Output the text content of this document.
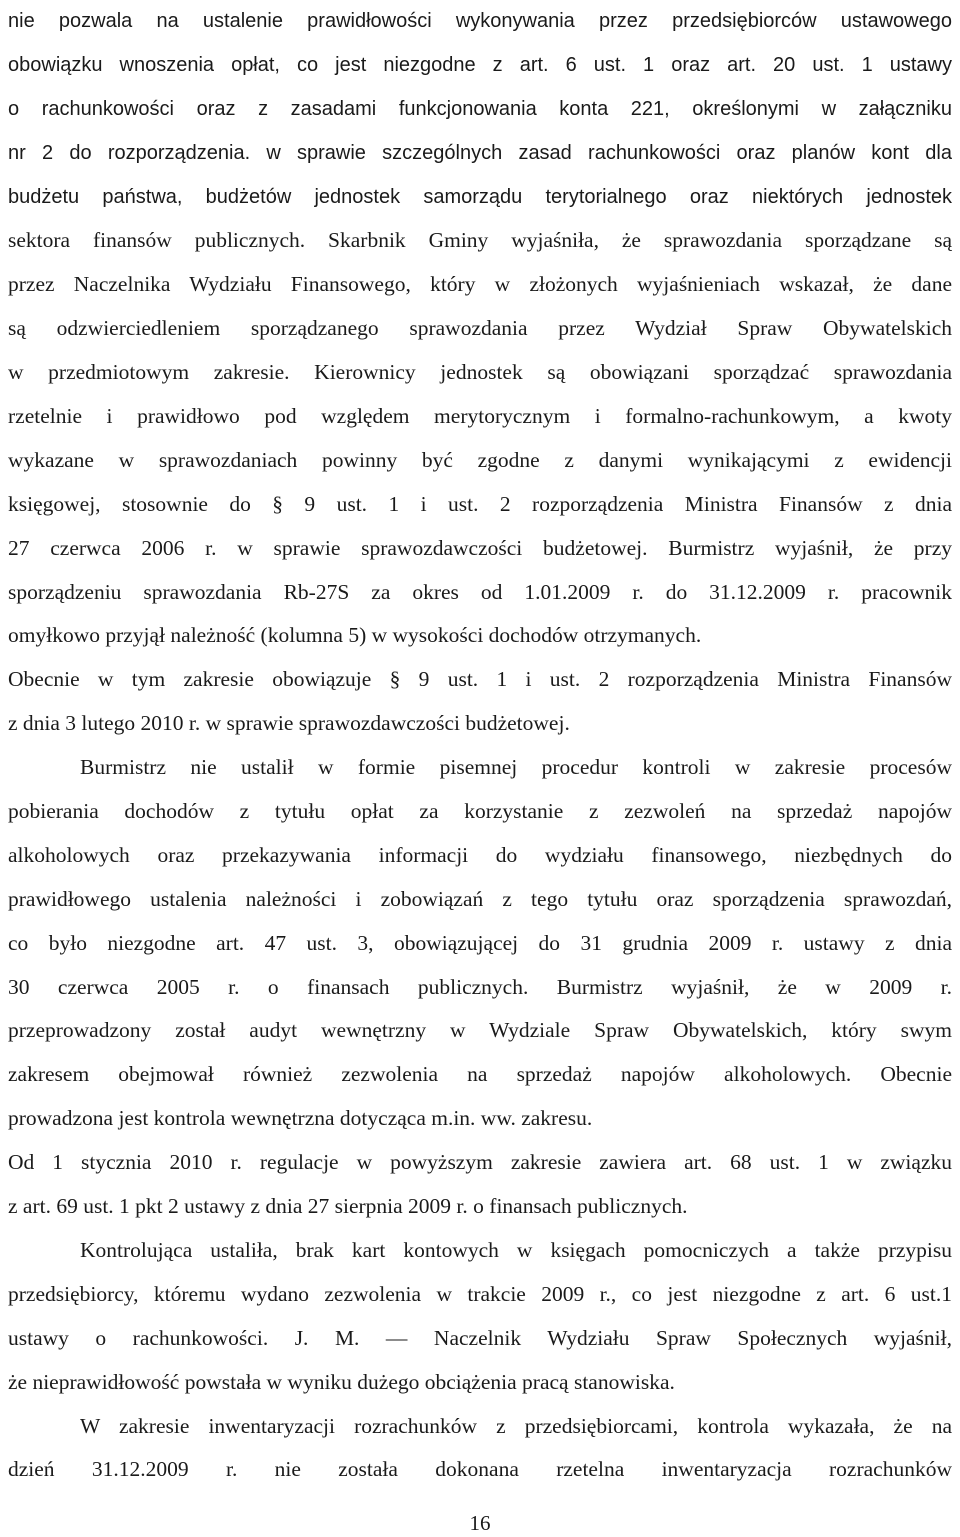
nie pozwala na ustalenie prawidłowości wykonywania przez przedsiębiorców ustawowego
obowiązku wnoszenia opłat, co jest niezgodne z art. 6 ust. 1 oraz art. 20 ust. 1 ustawy
o rachunkowości oraz z zasadami funkcjonowania konta 221, określonymi w załączniku
nr 2 do rozporządzenia. w sprawie szczególnych zasad rachunkowości oraz planów kont dla
budżetu państwa, budżetów jednostek samorządu terytorialnego oraz niektórych jednostek
sektora finansów publicznych. Skarbnik Gminy wyjaśniła, że sprawozdania sporządzane są
przez Naczelnika Wydziału Finansowego, który w złożonych wyjaśnieniach wskazał, że dane
są odzwierciedleniem sporządzanego sprawozdania przez Wydział Spraw Obywatelskich
w przedmiotowym zakresie. Kierownicy jednostek są obowiązani sporządzać sprawozdania
rzetelnie i prawidłowo pod względem merytorycznym i formalno-rachunkowym, a kwoty
wykazane w sprawozdaniach powinny być zgodne z danymi wynikającymi z ewidencji
księgowej, stosownie do § 9 ust. 1 i ust. 2 rozporządzenia Ministra Finansów z dnia
27 czerwca 2006 r. w sprawie sprawozdawczości budżetowej. Burmistrz wyjaśnił, że przy
sporządzeniu sprawozdania Rb-27S za okres od 1.01.2009 r. do 31.12.2009 r. pracownik
omyłkowo przyjął należność (kolumna 5) w wysokości dochodów otrzymanych.
Obecnie w tym zakresie obowiązuje § 9 ust. 1 i ust. 2 rozporządzenia Ministra Finansów
z dnia 3 lutego 2010 r. w sprawie sprawozdawczości budżetowej.
Burmistrz nie ustalił w formie pisemnej procedur kontroli w zakresie procesów
pobierania dochodów z tytułu opłat za korzystanie z zezwoleń na sprzedaż napojów
alkoholowych oraz przekazywania informacji do wydziału finansowego, niezbędnych do
prawidłowego ustalenia należności i zobowiązań z tego tytułu oraz sporządzenia sprawozdań,
co było niezgodne art. 47 ust. 3, obowiązującej do 31 grudnia 2009 r. ustawy z dnia
30 czerwca 2005 r. o finansach publicznych. Burmistrz wyjaśnił, że w 2009 r.
przeprowadzony został audyt wewnętrzny w Wydziale Spraw Obywatelskich, który swym
zakresem obejmował również zezwolenia na sprzedaż napojów alkoholowych. Obecnie
prowadzona jest kontrola wewnętrzna dotycząca m.in. ww. zakresu.
Od 1 stycznia 2010 r. regulacje w powyższym zakresie zawiera art. 68 ust. 1 w związku
z art. 69 ust. 1 pkt 2 ustawy z dnia 27 sierpnia 2009 r. o finansach publicznych.
Kontrolująca ustaliła, brak kart kontowych w księgach pomocniczych a także przypisu
przedsiębiorcy, któremu wydano zezwolenia w trakcie 2009 r., co jest niezgodne z art. 6 ust.1
ustawy o rachunkowości. J. M. — Naczelnik Wydziału Spraw Społecznych wyjaśnił,
że nieprawidłowość powstała w wyniku dużego obciążenia pracą stanowiska.
W zakresie inwentaryzacji rozrachunków z przedsiębiorcami, kontrola wykazała, że na
dzień 31.12.2009 r. nie została dokonana rzetelna inwentaryzacja rozrachunków
16
